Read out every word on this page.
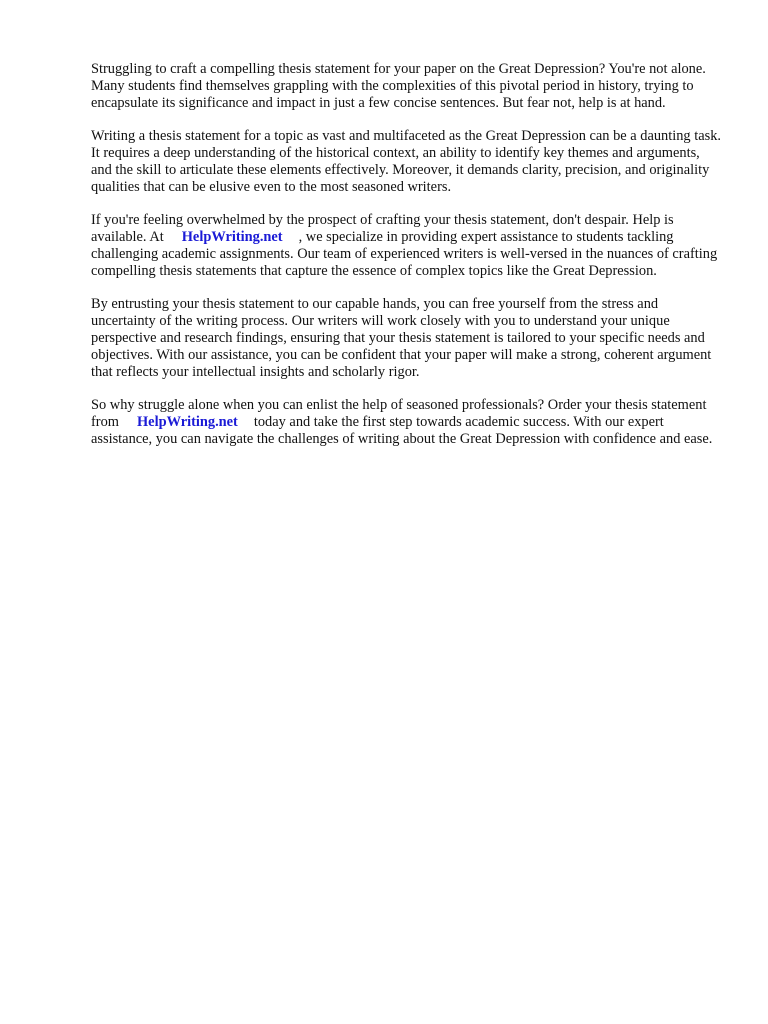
Struggling to craft a compelling thesis statement for your paper on the Great Depression? You're not alone. Many students find themselves grappling with the complexities of this pivotal period in history, trying to encapsulate its significance and impact in just a few concise sentences. But fear not, help is at hand.

Writing a thesis statement for a topic as vast and multifaceted as the Great Depression can be a daunting task. It requires a deep understanding of the historical context, an ability to identify key themes and arguments, and the skill to articulate these elements effectively. Moreover, it demands clarity, precision, and originalityqualities that can be elusive even to the most seasoned writers.

If you're feeling overwhelmed by the prospect of crafting your thesis statement, don't despair. Help is available. At HelpWriting.net , we specialize in providing expert assistance to students tackling challenging academic assignments. Our team of experienced writers is well-versed in the nuances of crafting compelling thesis statements that capture the essence of complex topics like the Great Depression.

By entrusting your thesis statement to our capable hands, you can free yourself from the stress and uncertainty of the writing process. Our writers will work closely with you to understand your unique perspective and research findings, ensuring that your thesis statement is tailored to your specific needs and objectives. With our assistance, you can be confident that your paper will make a strong, coherent argument that reflects your intellectual insights and scholarly rigor.

So why struggle alone when you can enlist the help of seasoned professionals? Order your thesis statement from HelpWriting.net today and take the first step towards academic success. With our expert assistance, you can navigate the challenges of writing about the Great Depression with confidence and ease.
